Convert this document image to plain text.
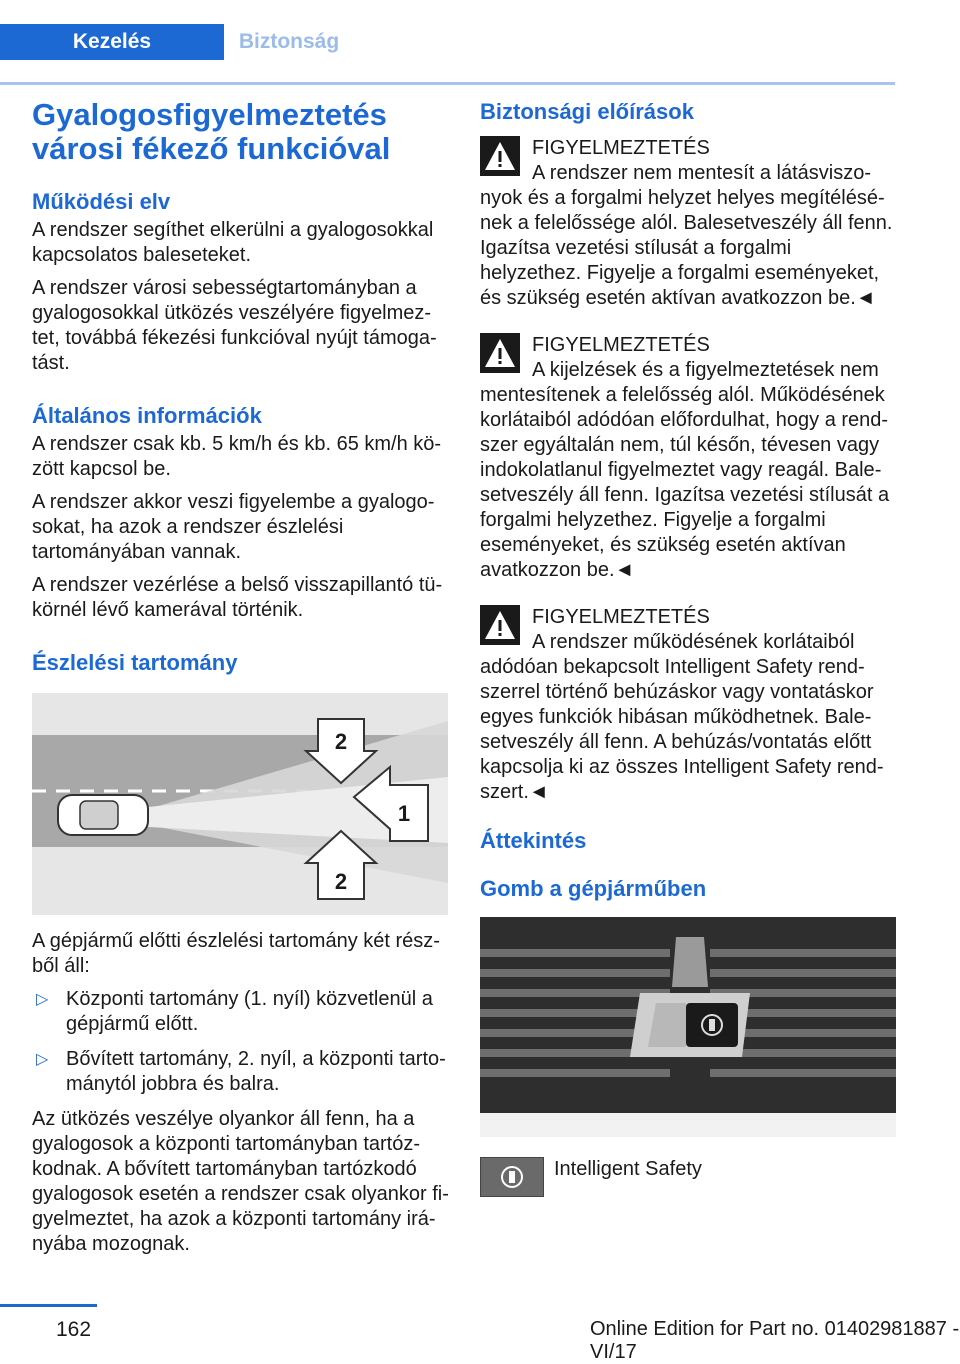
Kezelés	Biztonság
Gyalogosfigyelmeztetés városi fékező funkcióval
Működési elv

A rendszer segíthet elkerülni a gyalogosokkal kapcsolatos baleseteket.

A rendszer városi sebességtartományban a gyalogosokkal ütközés veszélyére figyelmeztet, továbbá fékezési funkcióval nyújt támogatást.

Általános információk

A rendszer csak kb. 5 km/h és kb. 65 km/h között kapcsol be.

A rendszer akkor veszi figyelembe a gyalogosokat, ha azok a rendszer észlelési tartományában vannak.

A rendszer vezérlése a belső visszapillantó tükörnél lévő kamerával történik.

Észlelési tartomány
2
1
2

A gépjármű előtti észlelési tartomány két részből áll:

▷ Központi tartomány (1. nyíl) közvetlenül a gépjármű előtt.
▷ Bővített tartomány, 2. nyíl, a központi tartománytól jobbra és balra.

Az ütközés veszélye olyankor áll fenn, ha a gyalogosok a központi tartományban tartózkodnak. A bővített tartományban tartózkodó gyalogosok esetén a rendszer csak olyankor figyelmeztet, ha azok a központi tartomány irányába mozognak.

Biztonsági előírások

FIGYELMEZTETÉS

A rendszer nem mentesít a látásviszonyok és a forgalmi helyzet helyes megítélésének a felelőssége alól. Balesetveszély áll fenn. Igazítsa vezetési stílusát a forgalmi helyzethez. Figyelje a forgalmi eseményeket, és szükség esetén aktívan avatkozzon be.◄

FIGYELMEZTETÉS

A kijelzések és a figyelmeztetések nem mentesítenek a felelősség alól. Működésének korlátaiból adódóan előfordulhat, hogy a rendszer egyáltalán nem, túl későn, tévesen vagy indokolatlanul figyelmeztet vagy reagál. Balesetveszély áll fenn. Igazítsa vezetési stílusát a forgalmi helyzethez. Figyelje a forgalmi eseményeket, és szükség esetén aktívan avatkozzon be.◄

FIGYELMEZTETÉS

A rendszer működésének korlátaiból adódóan bekapcsolt Intelligent Safety rendszerrel történő behúzáskor vagy vontatáskor egyes funkciók hibásan működhetnek. Balesetveszély áll fenn. A behúzás/vontatás előtt kapcsolja ki az összes Intelligent Safety rendszert.◄

Áttekintés
Gomb a gépjárműben
Intelligent Safety
162	Online Edition for Part no. 01402981887 - VI/17
